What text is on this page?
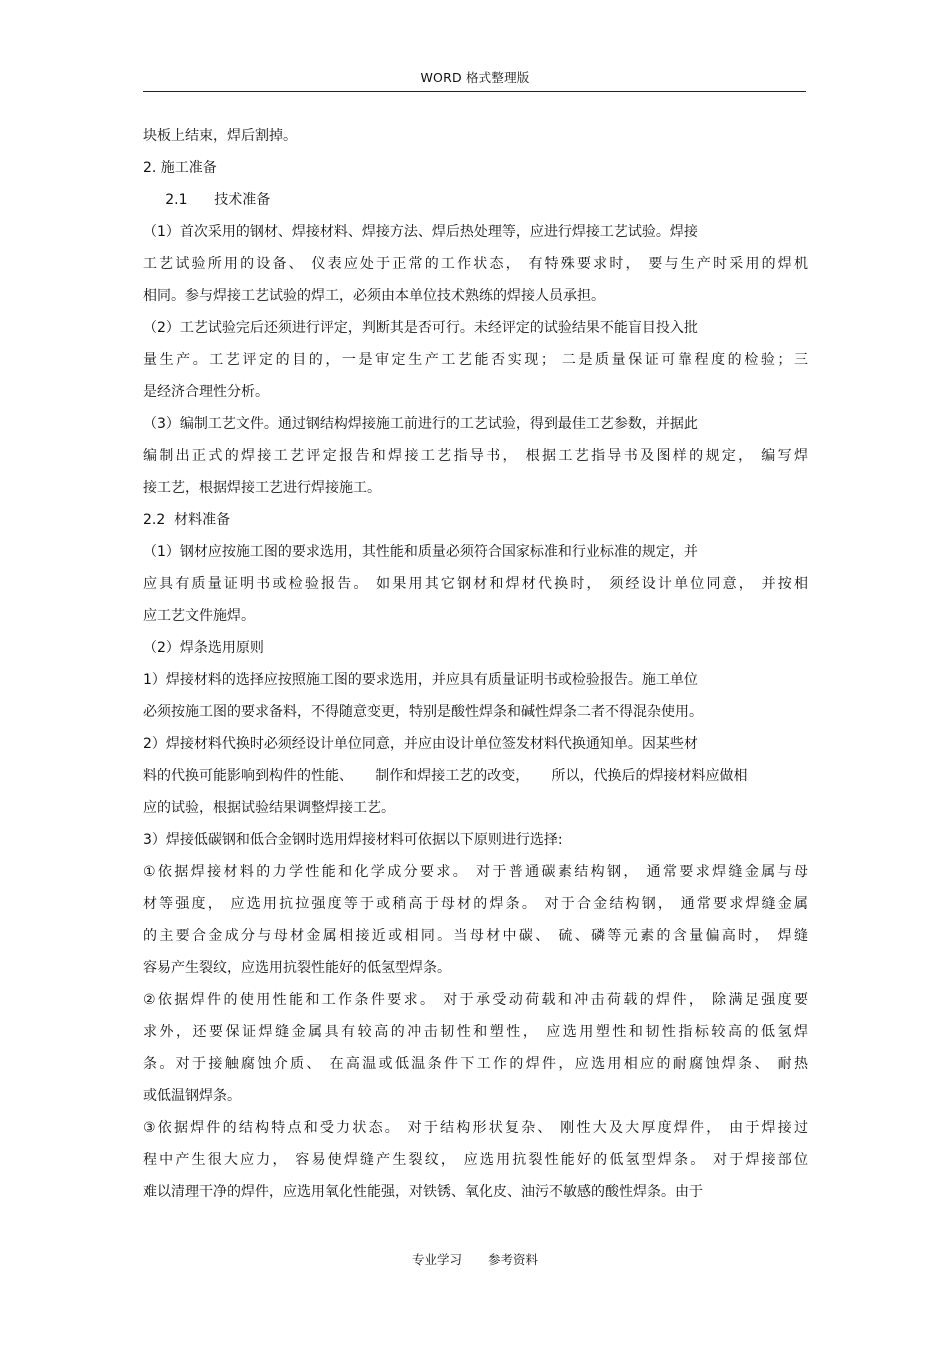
WORD 格式整理版
块板上结束，焊后割掉。
2. 施工准备
2.1      技术准备
（1）首次采用的钢材、焊接材料、焊接方法、焊后热处理等，应进行焊接工艺试验。焊接
工艺试验所用的设备、 仪表应处于正常的工作状态， 有特殊要求时， 要与生产时采用的焊机
相同。参与焊接工艺试验的焊工，必须由本单位技术熟练的焊接人员承担。
（2）工艺试验完后还须进行评定，判断其是否可行。未经评定的试验结果不能盲目投入批
量生产。工艺评定的目的，一是审定生产工艺能否实现； 二是质量保证可靠程度的检验；三
是经济合理性分析。
（3）编制工艺文件。通过钢结构焊接施工前进行的工艺试验，得到最佳工艺参数，并据此
编制出正式的焊接工艺评定报告和焊接工艺指导书， 根据工艺指导书及图样的规定， 编写焊
接工艺，根据焊接工艺进行焊接施工。
2.2  材料准备
（1）钢材应按施工图的要求选用，其性能和质量必须符合国家标准和行业标准的规定，并
应具有质量证明书或检验报告。 如果用其它钢材和焊材代换时， 须经设计单位同意， 并按相
应工艺文件施焊。
（2）焊条选用原则
1）焊接材料的选择应按照施工图的要求选用，并应具有质量证明书或检验报告。施工单位
必须按施工图的要求备料，不得随意变更，特别是酸性焊条和碱性焊条二者不得混杂使用。
2）焊接材料代换时必须经设计单位同意，并应由设计单位签发材料代换通知单。因某些材
料的代换可能影响到构件的性能、     制作和焊接工艺的改变，     所以，代换后的焊接材料应做相
应的试验，根据试验结果调整焊接工艺。
3）焊接低碳钢和低合金钢时选用焊接材料可依据以下原则进行选择:
①依据焊接材料的力学性能和化学成分要求。 对于普通碳素结构钢， 通常要求焊缝金属与母
材等强度， 应选用抗拉强度等于或稍高于母材的焊条。 对于合金结构钢， 通常要求焊缝金属
的主要合金成分与母材金属相接近或相同。当母材中碳、 硫、磷等元素的含量偏高时， 焊缝
容易产生裂纹，应选用抗裂性能好的低氢型焊条。
②依据焊件的使用性能和工作条件要求。 对于承受动荷载和冲击荷载的焊件， 除满足强度要
求外，还要保证焊缝金属具有较高的冲击韧性和塑性， 应选用塑性和韧性指标较高的低氢焊
条。对于接触腐蚀介质、 在高温或低温条件下工作的焊件，应选用相应的耐腐蚀焊条、 耐热
或低温钢焊条。
③依据焊件的结构特点和受力状态。 对于结构形状复杂、 刚性大及大厚度焊件， 由于焊接过
程中产生很大应力， 容易使焊缝产生裂纹， 应选用抗裂性能好的低氢型焊条。 对于焊接部位
难以清理干净的焊件，应选用氧化性能强，对铁锈、氧化皮、油污不敏感的酸性焊条。由于
专业学习 参考资料
